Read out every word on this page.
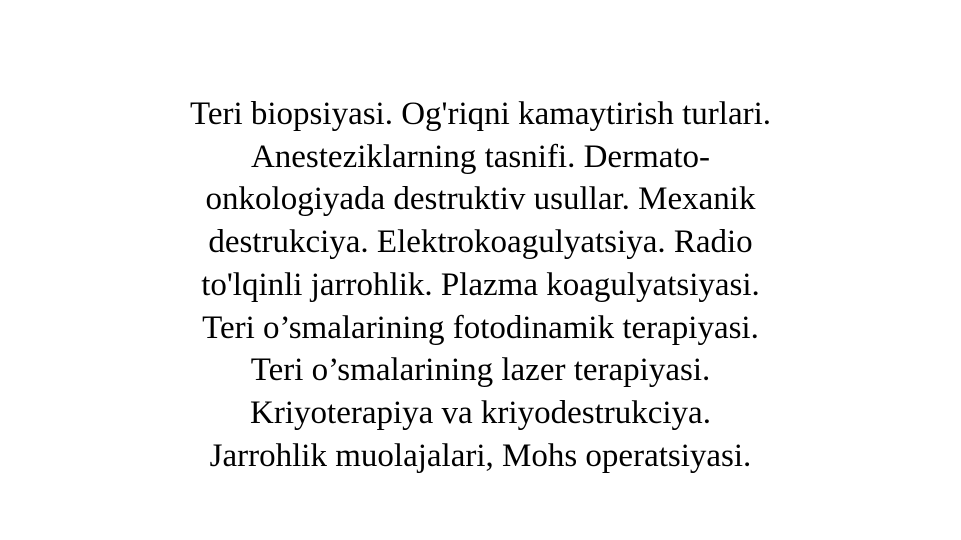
Teri biopsiyasi. Og'riqni kamaytirish turlari.
Anesteziklarning tasnifi. Dermato-
onkologiyada destruktiv usullar. Mexanik
destrukciya. Elektrokoagulyatsiya. Radio
to'lqinli jarrohlik. Plazma koagulyatsiyasi.
Teri o’smalarining fotodinamik terapiyasi.
Teri o’smalarining lazer terapiyasi.
Kriyoterapiya va kriyodestrukciya.
Jarrohlik muolajalari, Mohs operatsiyasi.
